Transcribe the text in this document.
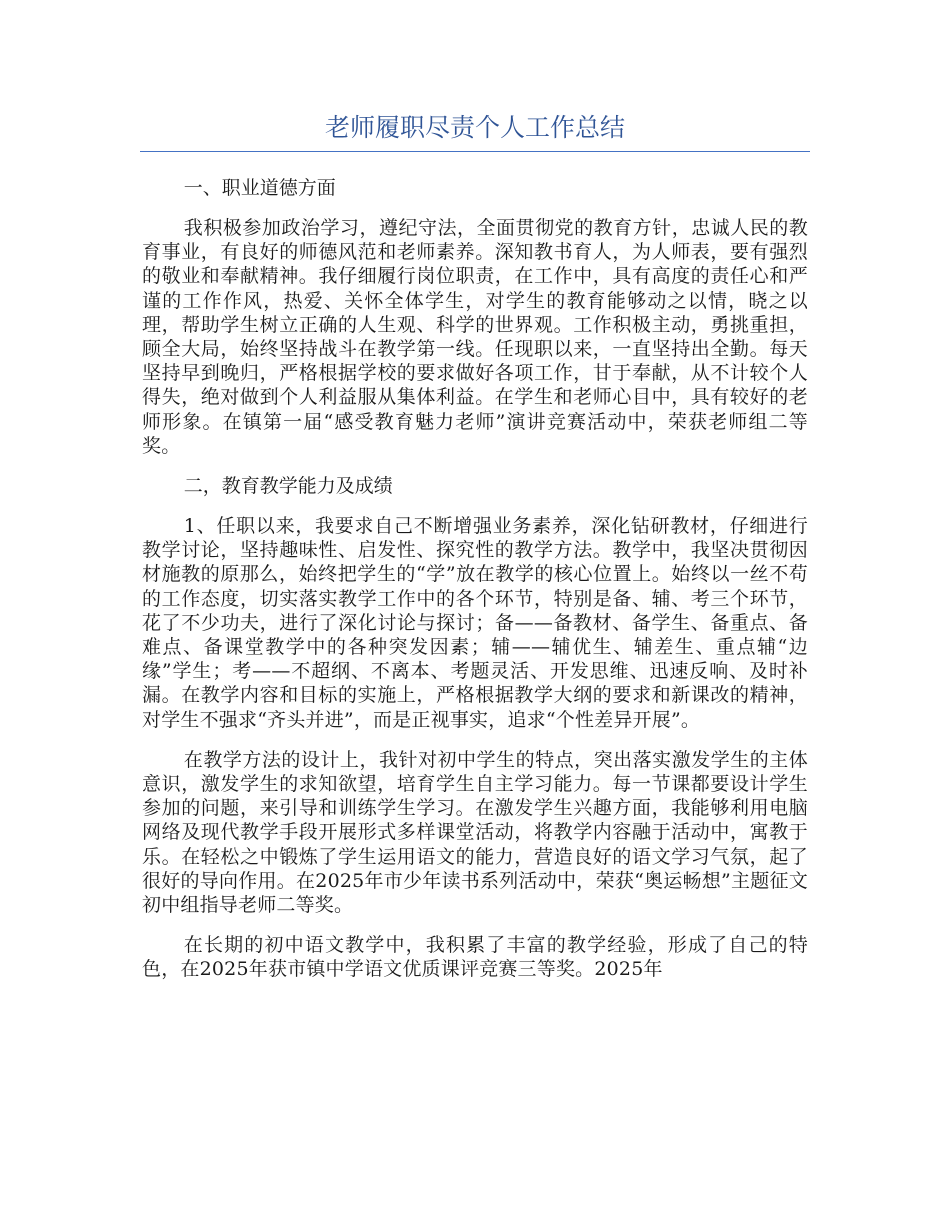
老师履职尽责个人工作总结

一、职业道德方面

我积极参加政治学习，遵纪守法，全面贯彻党的教育方针，忠诚人民的教育事业，有良好的师德风范和老师素养。深知教书育人，为人师表，要有强烈的敬业和奉献精神。我仔细履行岗位职责，在工作中，具有高度的责任心和严谨的工作作风，热爱、关怀全体学生，对学生的教育能够动之以情，晓之以理，帮助学生树立正确的人生观、科学的世界观。工作积极主动，勇挑重担，顾全大局，始终坚持战斗在教学第一线。任现职以来，一直坚持出全勤。每天坚持早到晚归，严格根据学校的要求做好各项工作，甘于奉献，从不计较个人得失，绝对做到个人利益服从集体利益。在学生和老师心目中，具有较好的老师形象。在镇第一届“感受教育魅力老师”演讲竞赛活动中，荣获老师组二等奖。

二，教育教学能力及成绩

1、任职以来，我要求自己不断增强业务素养，深化钻研教材，仔细进行教学讨论，坚持趣味性、启发性、探究性的教学方法。教学中，我坚决贯彻因材施教的原那么，始终把学生的“学”放在教学的核心位置上。始终以一丝不苟的工作态度，切实落实教学工作中的各个环节，特别是备、辅、考三个环节，花了不少功夫，进行了深化讨论与探讨；备——备教材、备学生、备重点、备难点、备课堂教学中的各种突发因素；辅——辅优生、辅差生、重点辅“边缘”学生；考——不超纲、不离本、考题灵活、开发思维、迅速反响、及时补漏。在教学内容和目标的实施上，严格根据教学大纲的要求和新课改的精神，对学生不强求“齐头并进”，而是正视事实，追求“个性差异开展”。

在教学方法的设计上，我针对初中学生的特点，突出落实激发学生的主体意识，激发学生的求知欲望，培育学生自主学习能力。每一节课都要设计学生参加的问题，来引导和训练学生学习。在激发学生兴趣方面，我能够利用电脑网络及现代教学手段开展形式多样课堂活动，将教学内容融于活动中，寓教于乐。在轻松之中锻炼了学生运用语文的能力，营造良好的语文学习气氛，起了很好的导向作用。在2025年市少年读书系列活动中，荣获“奥运畅想”主题征文初中组指导老师二等奖。

在长期的初中语文教学中，我积累了丰富的教学经验，形成了自己的特色，在2025年获市镇中学语文优质课评竞赛三等奖。2025年
